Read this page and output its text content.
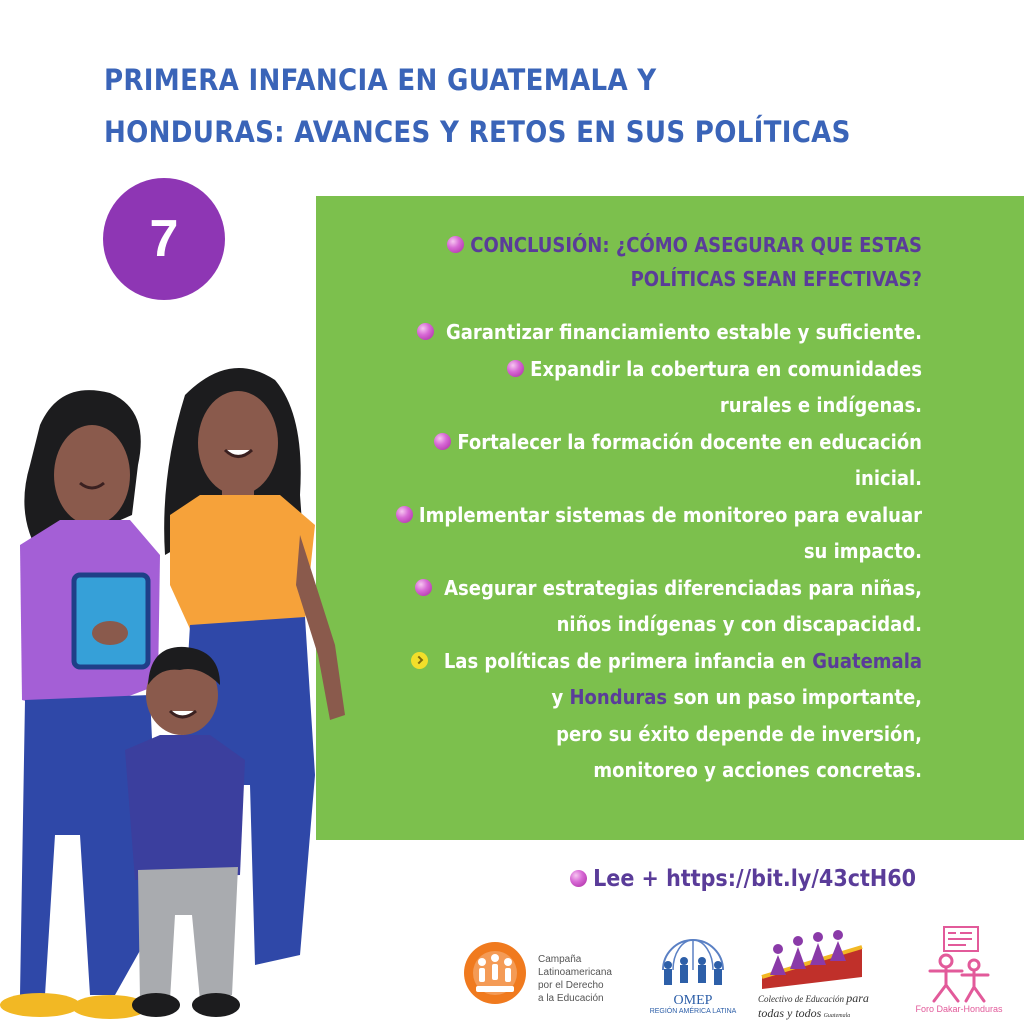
PRIMERA INFANCIA EN GUATEMALA Y
HONDURAS: AVANCES Y RETOS EN SUS POLÍTICAS
7	CONCLUSIÓN: ¿CÓMO ASEGURAR QUE ESTAS
POLÍTICAS SEAN EFECTIVAS?
Garantizar financiamiento estable y suficiente.
Expandir la cobertura en comunidades
rurales e indígenas.
Fortalecer la formación docente en educación
inicial.
Implementar sistemas de monitoreo para evaluar
su impacto.
Asegurar estrategias diferenciadas para niñas,
niños indígenas y con discapacidad.
Las políticas de primera infancia en Guatemala
y Honduras son un paso importante,
pero su éxito depende de inversión,
monitoreo y acciones concretas.
Lee + https://bit.ly/43ctH60
Campaña
Latinoamericana
por el Derecho
a la Educación	OMEP
REGIÓN AMÉRICA LATINA
Colectivo de Educación para todas y todos Guatemala
Foro Dakar-Honduras
